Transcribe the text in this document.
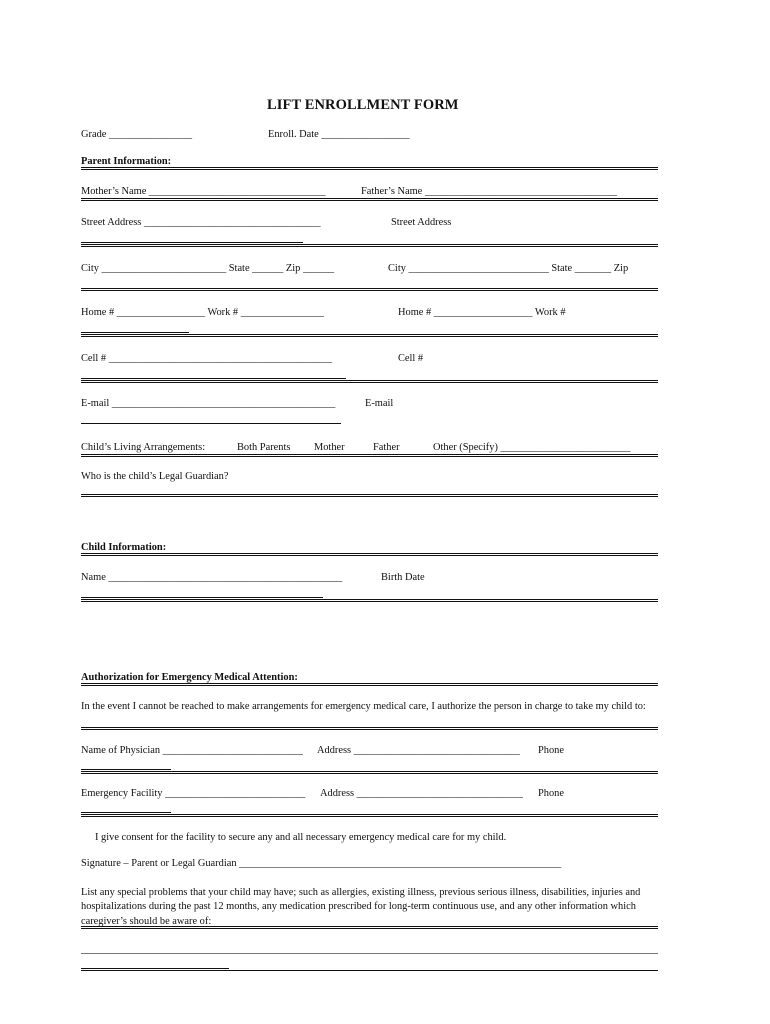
LIFT ENROLLMENT FORM
Grade ________________	Enroll. Date _________________
Parent Information:
Mother’s Name __________________________________	Father’s Name _____________________________________
Street Address __________________________________	Street Address
City ________________________ State ______ Zip ______	City ___________________________ State _______ Zip
Home # _________________ Work # ________________	Home # ___________________ Work #
Cell # ___________________________________________	Cell #
E-mail ___________________________________________	E-mail
Child’s Living Arrangements:	Both Parents Mother	Father	Other (Specify) _________________________
Who is the child’s Legal Guardian?
Child Information:
Name _____________________________________________	Birth Date
Authorization for Emergency Medical Attention:
In the event I cannot be reached to make arrangements for emergency medical care, I authorize the person in charge to take my child to:
Name of Physician ___________________________ Address ________________________________ Phone
Emergency Facility ___________________________ Address ________________________________ Phone
I give consent for the facility to secure any and all necessary emergency medical care for my child.
Signature – Parent or Legal Guardian ______________________________________________________________
List any special problems that your child may have; such as allergies, existing illness, previous serious illness, disabilities, injuries and hospitalizations during the past 12 months, any medication prescribed for long-term continuous use, and any other information which caregiver’s should be aware of:
